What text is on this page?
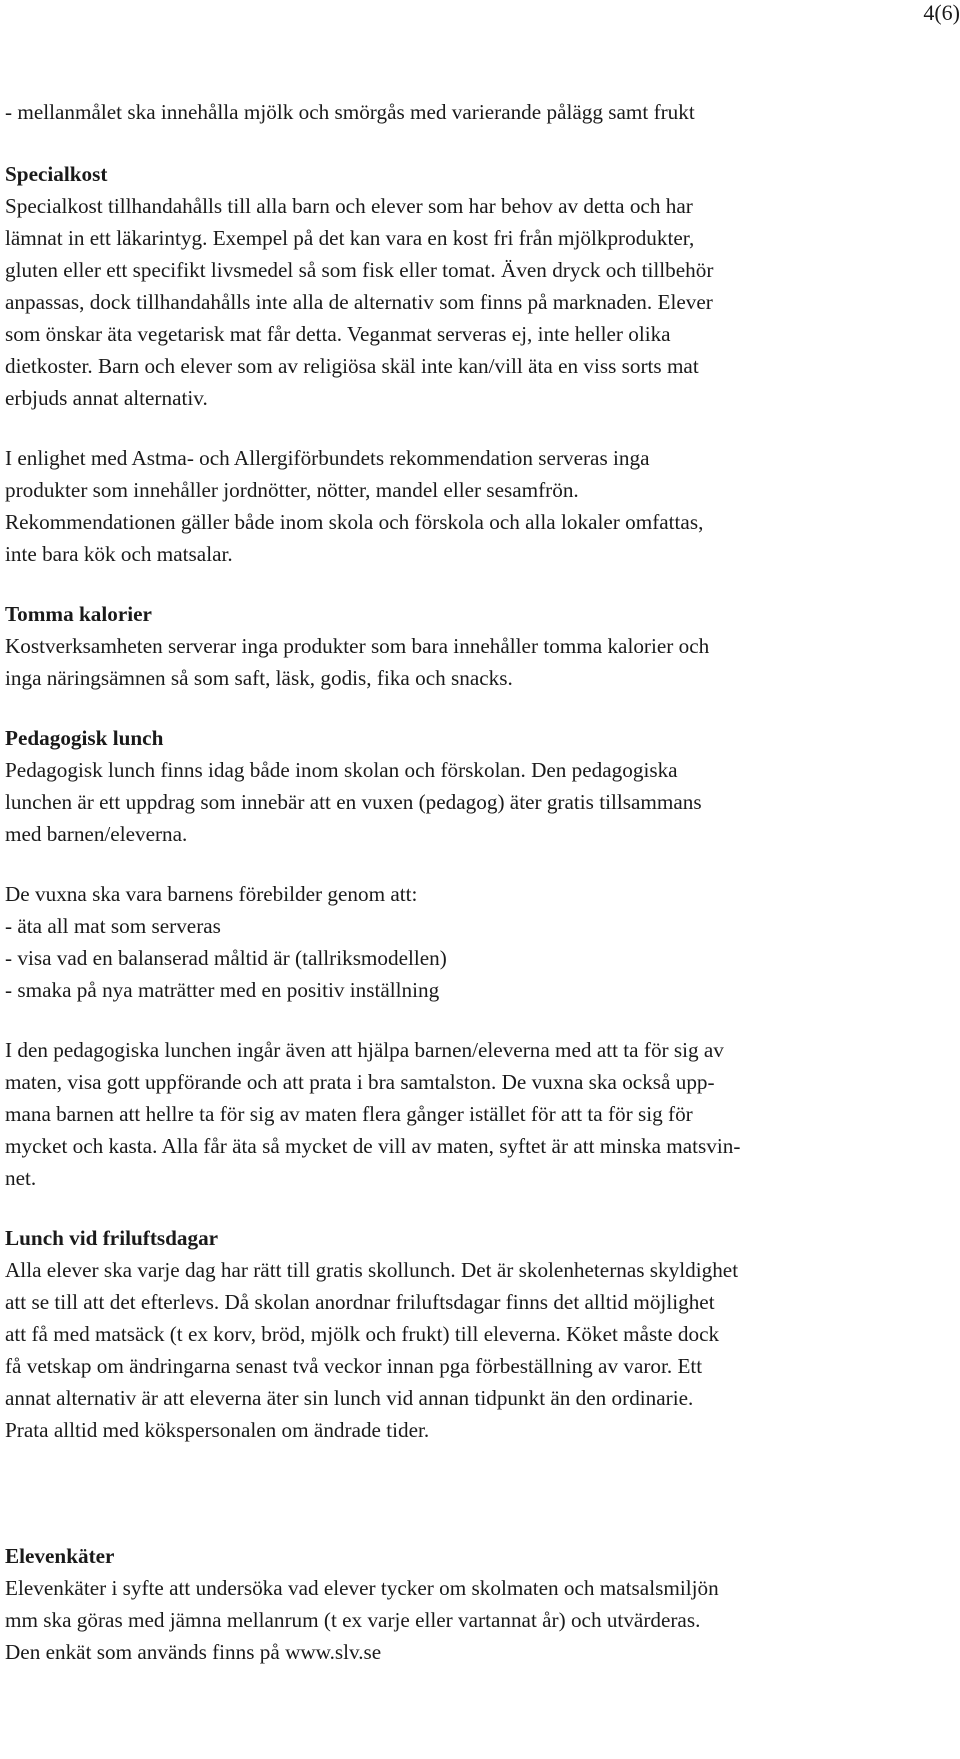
4(6)

- mellanmålet ska innehålla mjölk och smörgås med varierande pålägg samt frukt

Specialkost

Specialkost tillhandahålls till alla barn och elever som har behov av detta och har
lämnat in ett läkarintyg. Exempel på det kan vara en kost fri från mjölkprodukter,
gluten eller ett specifikt livsmedel så som fisk eller tomat. Även dryck och tillbehör
anpassas, dock tillhandahålls inte alla de alternativ som finns på marknaden. Elever
som önskar äta vegetarisk mat får detta. Veganmat serveras ej, inte heller olika
dietkoster. Barn och elever som av religiösa skäl inte kan/vill äta en viss sorts mat
erbjuds annat alternativ.

I enlighet med Astma- och Allergiförbundets rekommendation serveras inga
produkter som innehåller jordnötter, nötter, mandel eller sesamfrön.
Rekommendationen gäller både inom skola och förskola och alla lokaler omfattas,
inte bara kök och matsalar.

Tomma kalorier

Kostverksamheten serverar inga produkter som bara innehåller tomma kalorier och
inga näringsämnen så som saft, läsk, godis, fika och snacks.

Pedagogisk lunch

Pedagogisk lunch finns idag både inom skolan och förskolan. Den pedagogiska
lunchen är ett uppdrag som innebär att en vuxen (pedagog) äter gratis tillsammans
med barnen/eleverna.

De vuxna ska vara barnens förebilder genom att:
- äta all mat som serveras
- visa vad en balanserad måltid är (tallriksmodellen)
- smaka på nya maträtter med en positiv inställning

I den pedagogiska lunchen ingår även att hjälpa barnen/eleverna med att ta för sig av
maten, visa gott uppförande och att prata i bra samtalston. De vuxna ska också upp-
mana barnen att hellre ta för sig av maten flera gånger istället för att ta för sig för
mycket och kasta. Alla får äta så mycket de vill av maten, syftet är att minska matsvin-
net.

Lunch vid friluftsdagar

Alla elever ska varje dag har rätt till gratis skollunch. Det är skolenheternas skyldighet
att se till att det efterlevs. Då skolan anordnar friluftsdagar finns det alltid möjlighet
att få med matsäck (t ex korv, bröd, mjölk och frukt) till eleverna. Köket måste dock
få vetskap om ändringarna senast två veckor innan pga förbeställning av varor. Ett
annat alternativ är att eleverna äter sin lunch vid annan tidpunkt än den ordinarie.
Prata alltid med kökspersonalen om ändrade tider.

Elevenkäter

Elevenkäter i syfte att undersöka vad elever tycker om skolmaten och matsalsmiljön
mm ska göras med jämna mellanrum (t ex varje eller vartannat år) och utvärderas.
Den enkät som används finns på www.slv.se
